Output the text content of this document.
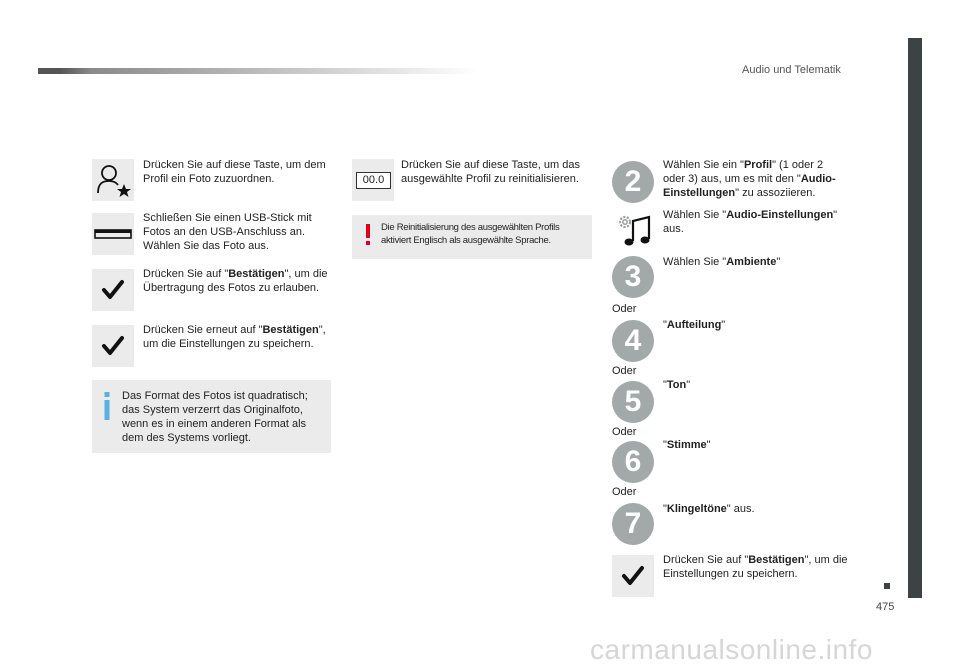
Audio und Telematik
475
Drücken Sie auf diese Taste, um dem Profil ein Foto zuzuordnen.
Schließen Sie einen USB-Stick mit Fotos an den USB-Anschluss an. Wählen Sie das Foto aus.
Drücken Sie auf "Bestätigen", um die Übertragung des Fotos zu erlauben.
Drücken Sie erneut auf "Bestätigen", um die Einstellungen zu speichern.
Das Format des Fotos ist quadratisch; das System verzerrt das Originalfoto, wenn es in einem anderen Format als dem des Systems vorliegt.
00.0
Drücken Sie auf diese Taste, um das ausgewählte Profil zu reinitialisieren.
Die Reinitialisierung des ausgewählten Profils aktiviert Englisch als ausgewählte Sprache.
2	Wählen Sie ein "Profil" (1 oder 2 oder 3) aus, um es mit den "Audio-Einstellungen" zu assoziieren.
Wählen Sie "Audio-Einstellungen" aus.
3	Wählen Sie "Ambiente"
Oder
4	"Aufteilung"
Oder
5	"Ton"
Oder
6	"Stimme"
Oder
7	"Klingeltöne" aus.
Drücken Sie auf "Bestätigen", um die Einstellungen zu speichern.
carmanualsonline.info
